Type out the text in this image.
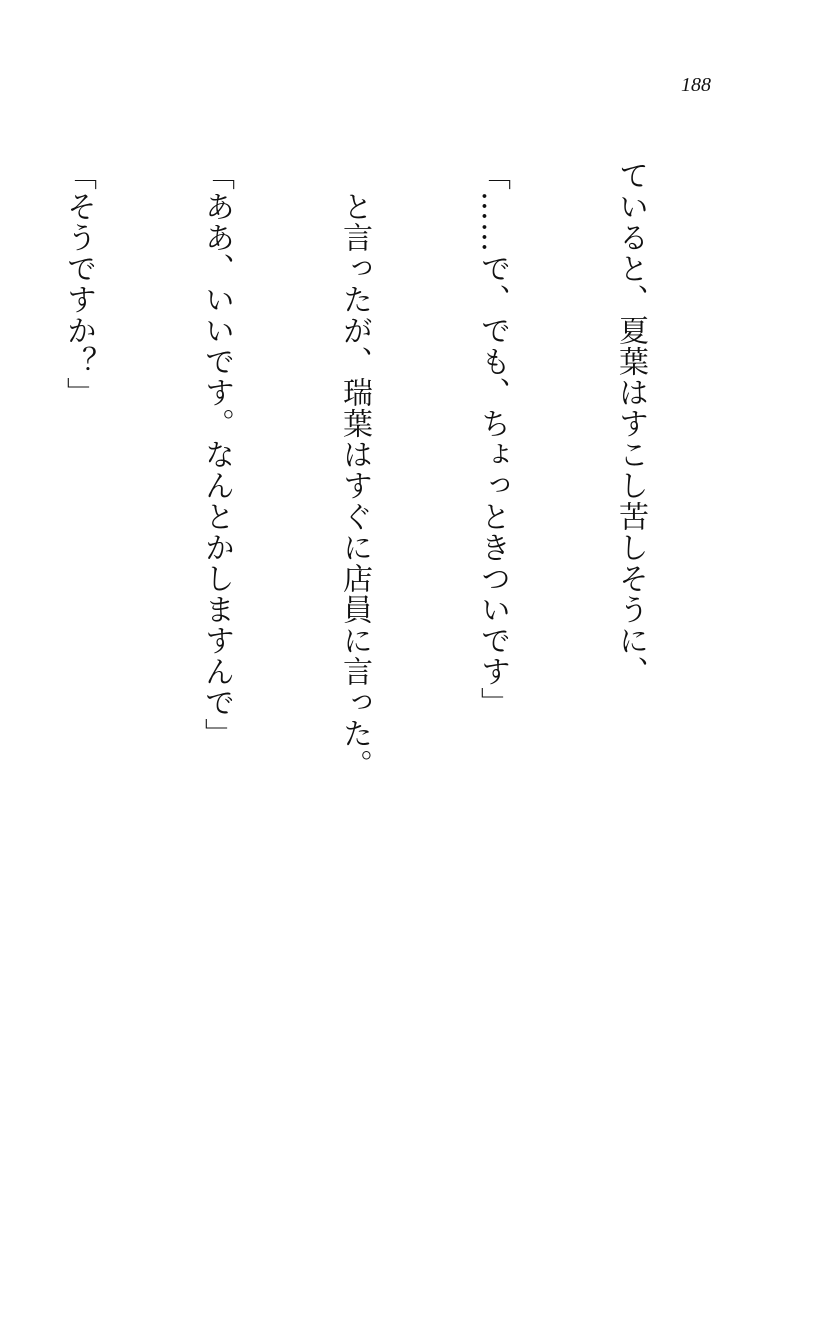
188

ていると、夏葉はすこし苦しそうに、

「……で、でも、ちょっときついです」

　と言ったが、瑞葉はすぐに店員に言った。

「ああ、いいです。なんとかしますんで」

「そうですか？」
